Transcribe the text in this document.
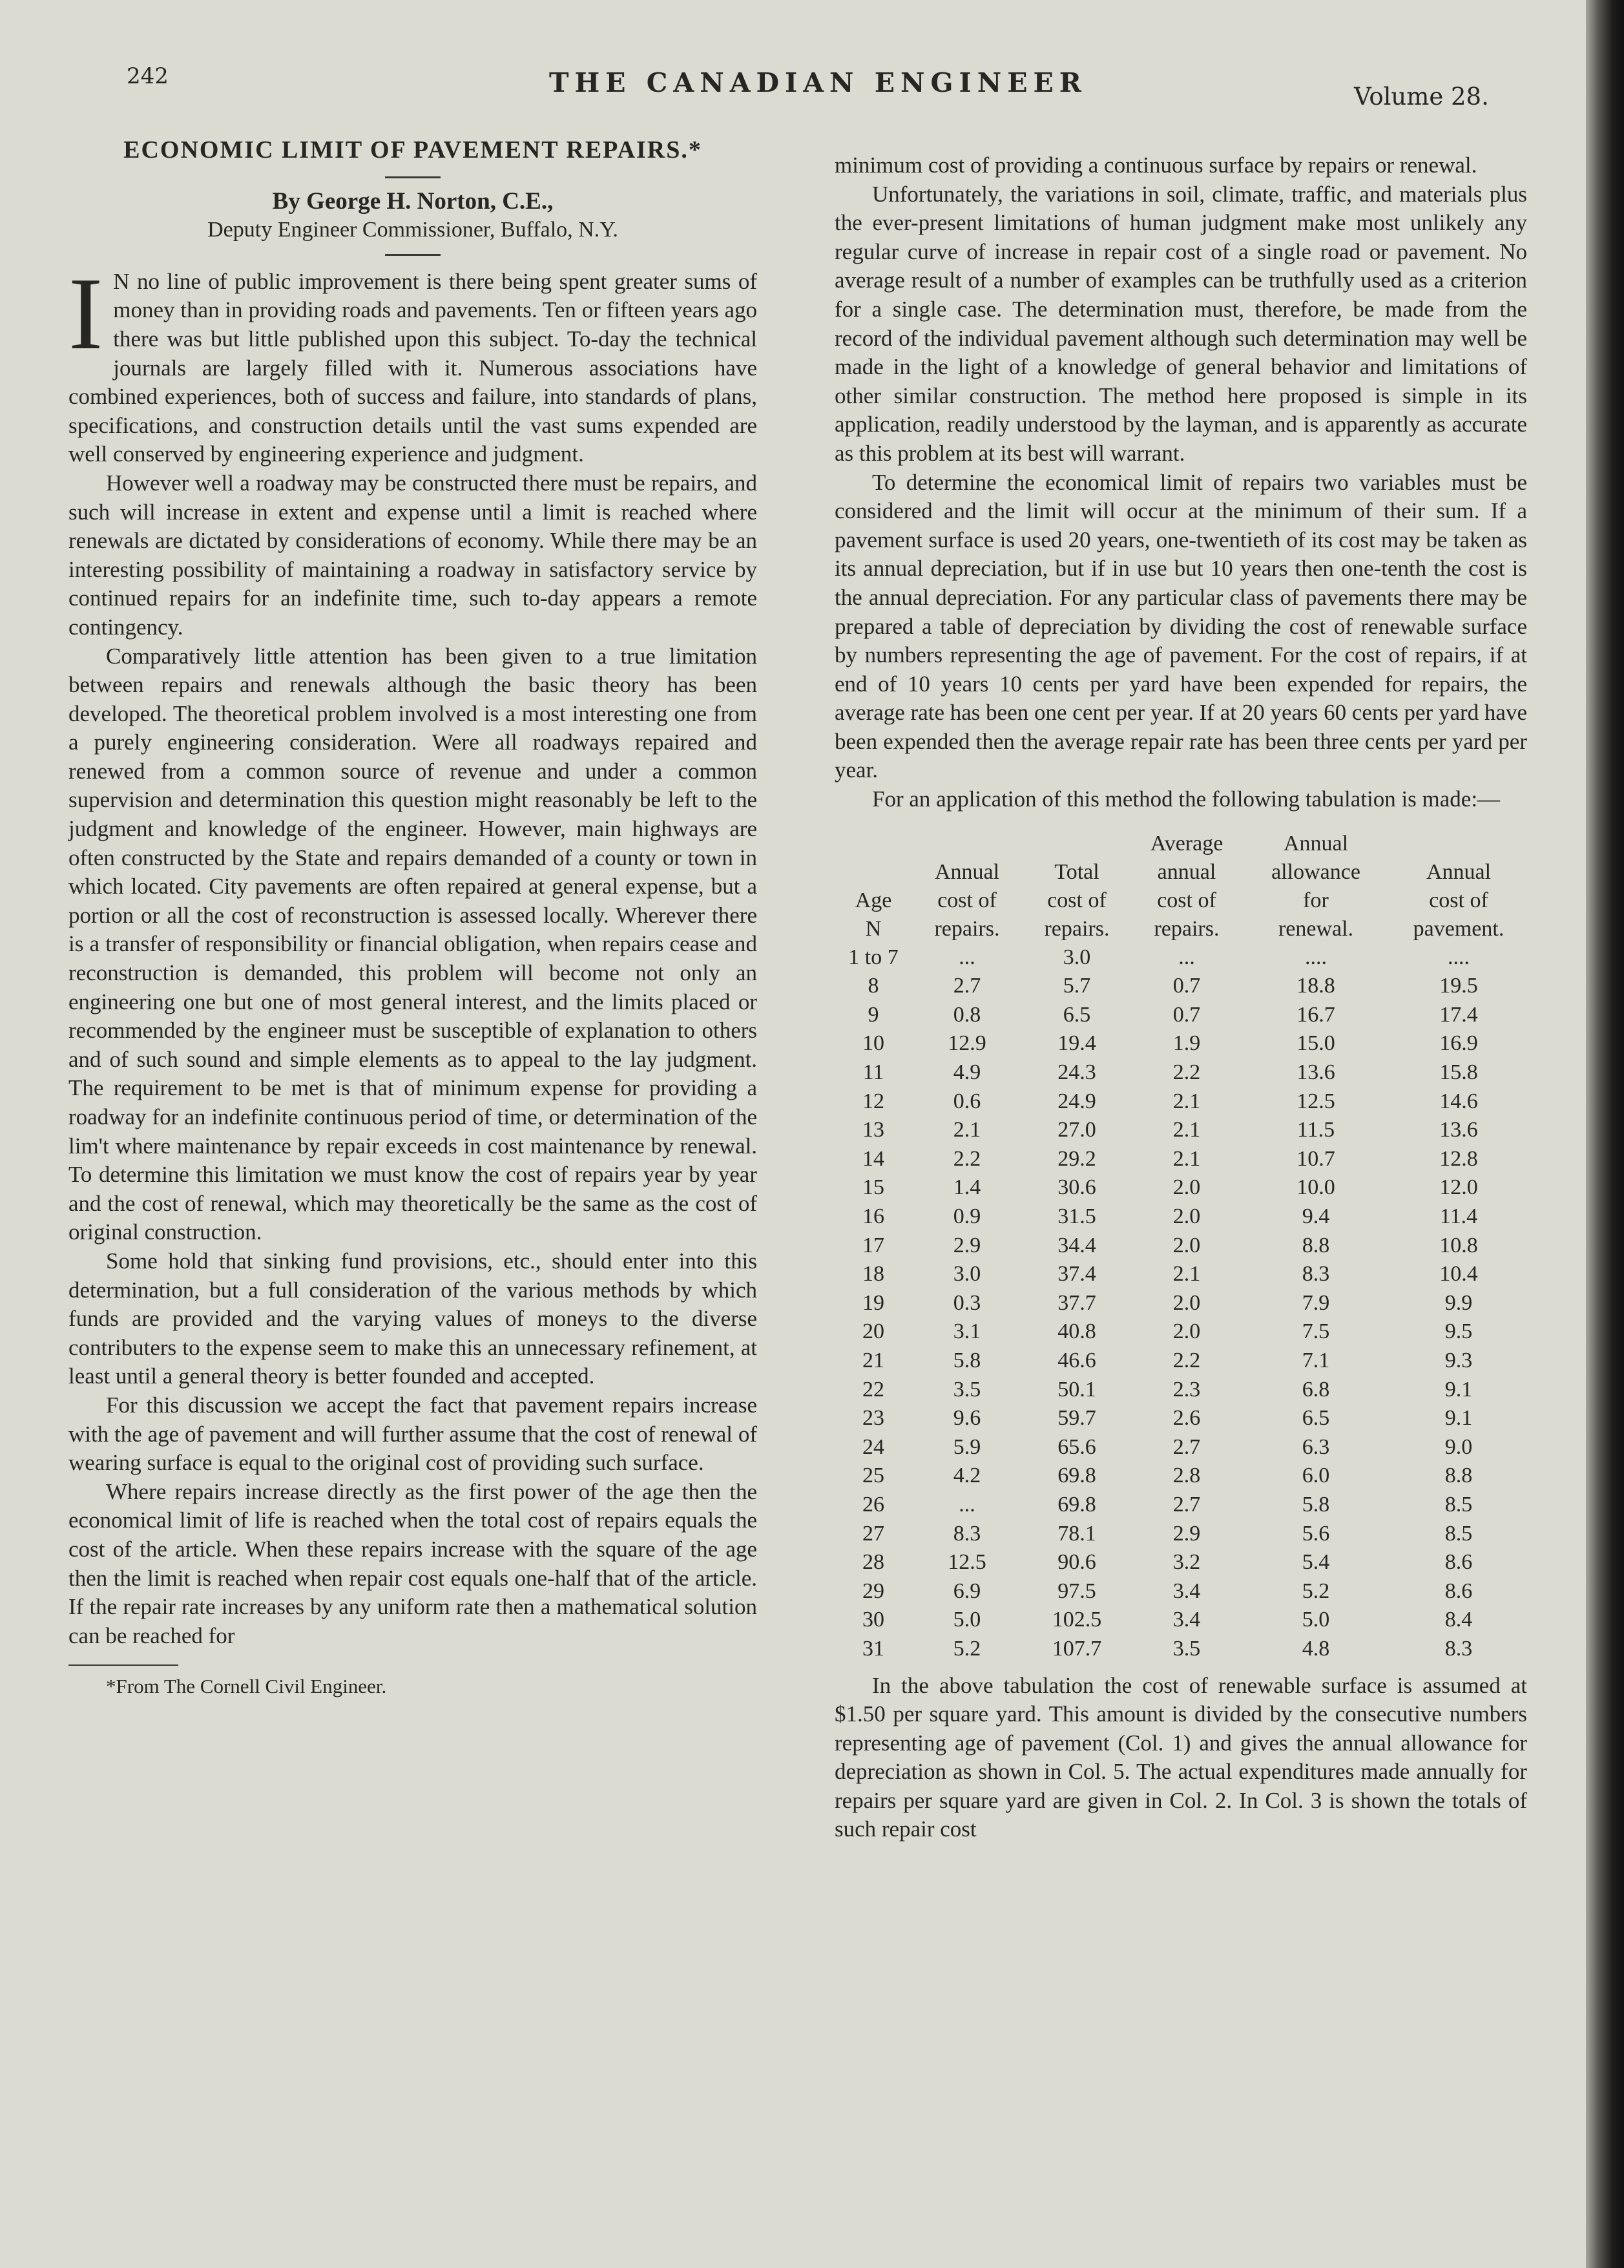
242	THE CANADIAN ENGINEER	Volume 28.
ECONOMIC LIMIT OF PAVEMENT REPAIRS.*
By George H. Norton, C.E.,
Deputy Engineer Commissioner, Buffalo, N.Y.
I N no line of public improvement is there being spent greater sums of money than in providing roads and pavements. Ten or fifteen years ago there was but little published upon this subject. To-day the technical journals are largely filled with it. Numerous associations have combined experiences, both of success and failure, into standards of plans, specifications, and construction details until the vast sums expended are well conserved by engineering experience and judgment.

However well a roadway may be constructed there must be repairs, and such will increase in extent and expense until a limit is reached where renewals are dictated by considerations of economy. While there may be an interesting possibility of maintaining a roadway in satisfactory service by continued repairs for an indefinite time, such to-day appears a remote contingency.

Comparatively little attention has been given to a true limitation between repairs and renewals although the basic theory has been developed. The theoretical problem involved is a most interesting one from a purely engineering consideration. Were all roadways repaired and renewed from a common source of revenue and under a common supervision and determination this question might reasonably be left to the judgment and knowledge of the engineer. However, main highways are often constructed by the State and repairs demanded of a county or town in which located. City pavements are often repaired at general expense, but a portion or all the cost of reconstruction is assessed locally. Wherever there is a transfer of responsibility or financial obligation, when repairs cease and reconstruction is demanded, this problem will become not only an engineering one but one of most general interest, and the limits placed or recommended by the engineer must be susceptible of explanation to others and of such sound and simple elements as to appeal to the lay judgment. The requirement to be met is that of minimum expense for providing a roadway for an indefinite continuous period of time, or determination of the lim't where maintenance by repair exceeds in cost maintenance by renewal. To determine this limitation we must know the cost of repairs year by year and the cost of renewal, which may theoretically be the same as the cost of original construction.

Some hold that sinking fund provisions, etc., should enter into this determination, but a full consideration of the various methods by which funds are provided and the varying values of moneys to the diverse contributers to the expense seem to make this an unnecessary refinement, at least until a general theory is better founded and accepted.

For this discussion we accept the fact that pavement repairs increase with the age of pavement and will further assume that the cost of renewal of wearing surface is equal to the original cost of providing such surface.

Where repairs increase directly as the first power of the age then the economical limit of life is reached when the total cost of repairs equals the cost of the article. When these repairs increase with the square of the age then the limit is reached when repair cost equals one-half that of the article. If the repair rate increases by any uniform rate then a mathematical solution can be reached for

*From The Cornell Civil Engineer.

minimum cost of providing a continuous surface by repairs or renewal.

Unfortunately, the variations in soil, climate, traffic, and materials plus the ever-present limitations of human judgment make most unlikely any regular curve of increase in repair cost of a single road or pavement. No average result of a number of examples can be truthfully used as a criterion for a single case. The determination must, therefore, be made from the record of the individual pavement although such determination may well be made in the light of a knowledge of general behavior and limitations of other similar construction. The method here proposed is simple in its application, readily understood by the layman, and is apparently as accurate as this problem at its best will warrant.

To determine the economical limit of repairs two variables must be considered and the limit will occur at the minimum of their sum. If a pavement surface is used 20 years, one-twentieth of its cost may be taken as its annual depreciation, but if in use but 10 years then one-tenth the cost is the annual depreciation. For any particular class of pavements there may be prepared a table of depreciation by dividing the cost of renewable surface by numbers representing the age of pavement. For the cost of repairs, if at end of 10 years 10 cents per yard have been expended for repairs, the average rate has been one cent per year. If at 20 years 60 cents per yard have been expended then the average repair rate has been three cents per yard per year.

For an application of this method the following tabulation is made:—

			Average	Annual	
	Annual	Total	annual	allowance	Annual
Age	cost of	cost of	cost of	for	cost of
N	repairs.	repairs.	repairs.	renewal.	pavement.
1 to 7	...	3.0	...	....	....
8	2.7	5.7	0.7	18.8	19.5
9	0.8	6.5	0.7	16.7	17.4
10	12.9	19.4	1.9	15.0	16.9
11	4.9	24.3	2.2	13.6	15.8
12	0.6	24.9	2.1	12.5	14.6
13	2.1	27.0	2.1	11.5	13.6
14	2.2	29.2	2.1	10.7	12.8
15	1.4	30.6	2.0	10.0	12.0
16	0.9	31.5	2.0	9.4	11.4
17	2.9	34.4	2.0	8.8	10.8
18	3.0	37.4	2.1	8.3	10.4
19	0.3	37.7	2.0	7.9	9.9
20	3.1	40.8	2.0	7.5	9.5
21	5.8	46.6	2.2	7.1	9.3
22	3.5	50.1	2.3	6.8	9.1
23	9.6	59.7	2.6	6.5	9.1
24	5.9	65.6	2.7	6.3	9.0
25	4.2	69.8	2.8	6.0	8.8
26	...	69.8	2.7	5.8	8.5
27	8.3	78.1	2.9	5.6	8.5
28	12.5	90.6	3.2	5.4	8.6
29	6.9	97.5	3.4	5.2	8.6
30	5.0	102.5	3.4	5.0	8.4
31	5.2	107.7	3.5	4.8	8.3

In the above tabulation the cost of renewable surface is assumed at $1.50 per square yard. This amount is divided by the consecutive numbers representing age of pavement (Col. 1) and gives the annual allowance for depreciation as shown in Col. 5. The actual expenditures made annually for repairs per square yard are given in Col. 2. In Col. 3 is shown the totals of such repair cost
